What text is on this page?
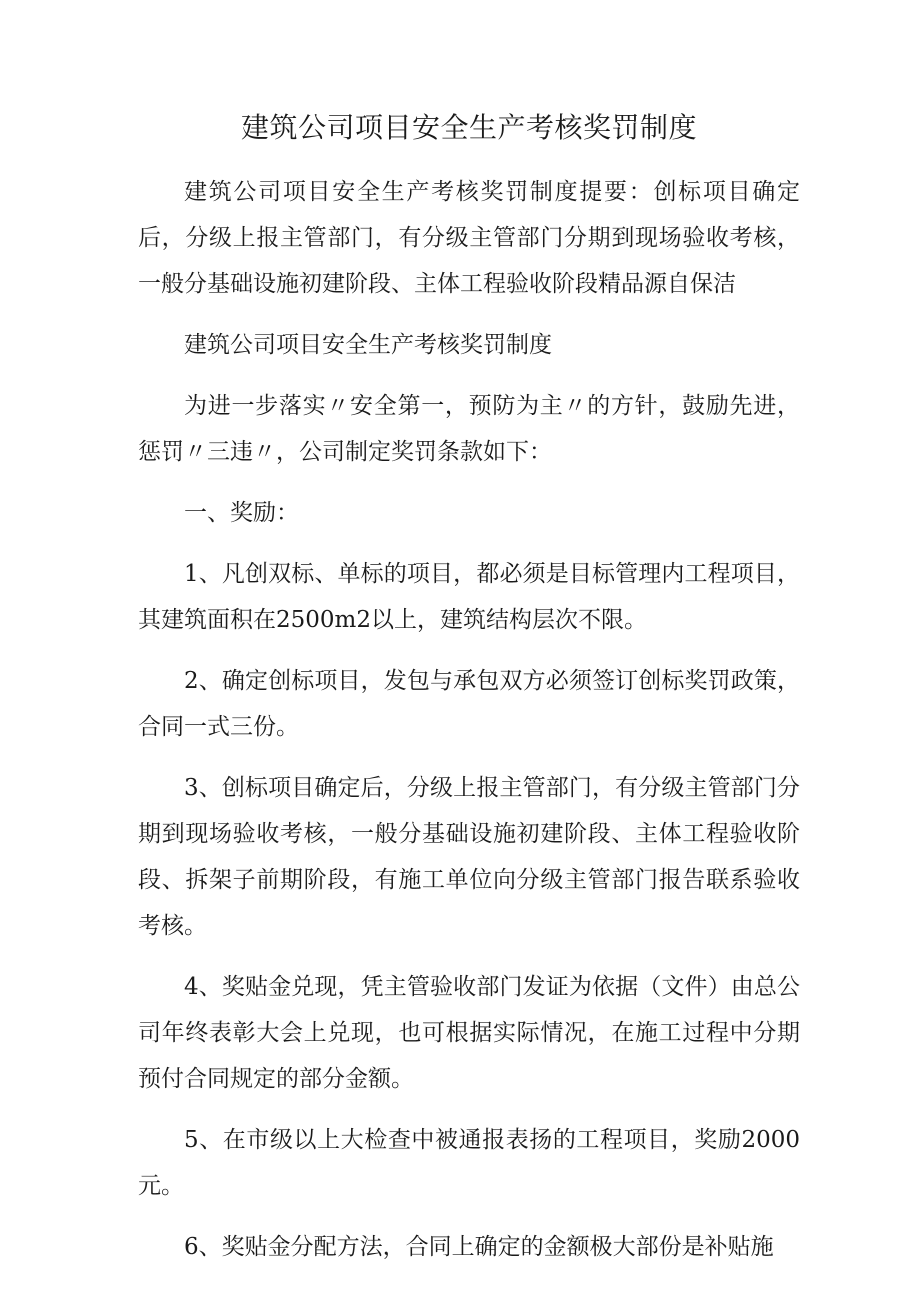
建筑公司项目安全生产考核奖罚制度

建筑公司项目安全生产考核奖罚制度提要：创标项目确定后，分级上报主管部门，有分级主管部门分期到现场验收考核，一般分基础设施初建阶段、主体工程验收阶段精品源自保洁

建筑公司项目安全生产考核奖罚制度

为进一步落实〃安全第一，预防为主〃的方针，鼓励先进，惩罚〃三违〃，公司制定奖罚条款如下：

一、奖励：

1、凡创双标、单标的项目，都必须是目标管理内工程项目，其建筑面积在2500m2以上，建筑结构层次不限。

2、确定创标项目，发包与承包双方必须签订创标奖罚政策，合同一式三份。

3、创标项目确定后，分级上报主管部门，有分级主管部门分期到现场验收考核，一般分基础设施初建阶段、主体工程验收阶段、拆架子前期阶段，有施工单位向分级主管部门报告联系验收考核。

4、奖贴金兑现，凭主管验收部门发证为依据（文件）由总公司年终表彰大会上兑现，也可根据实际情况，在施工过程中分期预付合同规定的部分金额。

5、在市级以上大检查中被通报表扬的工程项目，奖励2000元。

6、奖贴金分配方法，合同上确定的金额极大部份是补贴施
